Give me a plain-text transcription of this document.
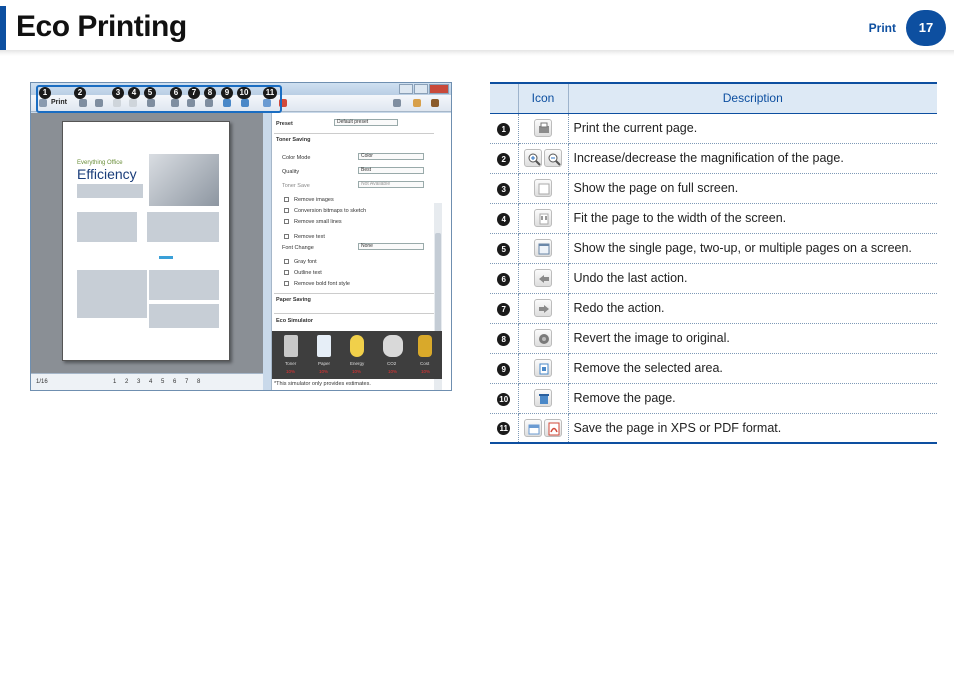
Eco Printing	Print	17
Print
Everything Office
Efficiency
1/16	1 2 3 4 5 6 7 8
Preset	Default preset
Toner Saving
Color Mode	Color
Quality	Best
Toner Save	Not Available
Remove images
Conversion bitmaps to sketch
Remove small lines
Remove text
Font Change	None
Gray font
Outline text
Remove bold font style
Paper Saving
Eco Simulator
Toner	Paper	Energy	CO2	Cost
10%	10%	10%	10%	10%
*This simulator only provides estimates.
1	2	3	4	5	6	7	8	9	10	11
		Icon	Description
1		Print the current page.
2		Increase/decrease the magnification of the page.
3		Show the page on full screen.
4		Fit the page to the width of the screen.
5		Show the single page, two-up, or multiple pages on a screen.
6		Undo the last action.
7		Redo the action.
8		Revert the image to original.
9		Remove the selected area.
10		Remove the page.
11		Save the page in XPS or PDF format.
